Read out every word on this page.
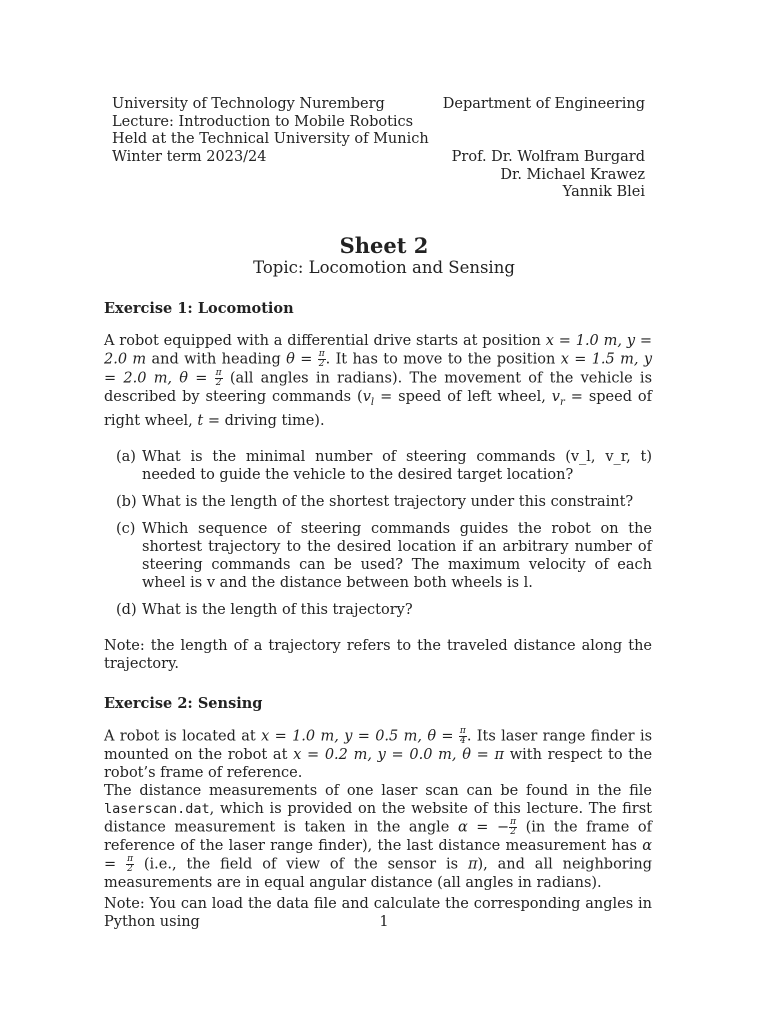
University of Technology Nuremberg
Lecture: Introduction to Mobile Robotics
Held at the Technical University of Munich
Winter term 2023/24
Department of Engineering
Prof. Dr. Wolfram Burgard
Dr. Michael Krawez
Yannik Blei
Sheet 2
Topic: Locomotion and Sensing

Exercise 1: Locomotion

A robot equipped with a differential drive starts at position x = 1.0 m, y = 2.0 m and with heading $\theta = \frac{\pi}{2}$ . It has to move to the position x = 1.5 m, y = 2.0 m, $\theta = \frac{\pi}{2} (all$ angles in radians). The movement of the vehicle is described by steering commands ($v_l$ = speed of left wheel, $v_r$ = speed of right wheel, t = driving time).

(a) What is the minimal number of steering commands (v_l, v_r, t) needed to guide the vehicle to the desired target location?
(b) What is the length of the shortest trajectory under this constraint?
(c) Which sequence of steering commands guides the robot on the shortest trajectory to the desired location if an arbitrary number of steering commands can be used? The maximum velocity of each wheel is v and the distance between both wheels is l.
(d) What is the length of this trajectory?

Note: the length of a trajectory refers to the traveled distance along the trajectory.

Exercise 2: Sensing

A robot is located at x = 1.0 m, y = 0.5 m, $\theta = \frac{\pi}{4}$ . Its laser range finder is mounted on the robot at x = 0.2 m, y = 0.0 m, θ = π with respect to the robot’s frame of reference.

The distance measurements of one laser scan can be found in the file laserscan.dat, which is provided on the website of this lecture. The first distance measurement is taken in the angle α = − $\frac{\pi}{2} (in$ the frame of reference of the laser range finder), the last distance measurement has $\alpha = \frac{\pi}{2} (i.e$., the field of view of the sensor is π), and all neighboring measurements are in equal angular distance (all angles in radians).

Note: You can load the data file and calculate the corresponding angles in Python using	1
